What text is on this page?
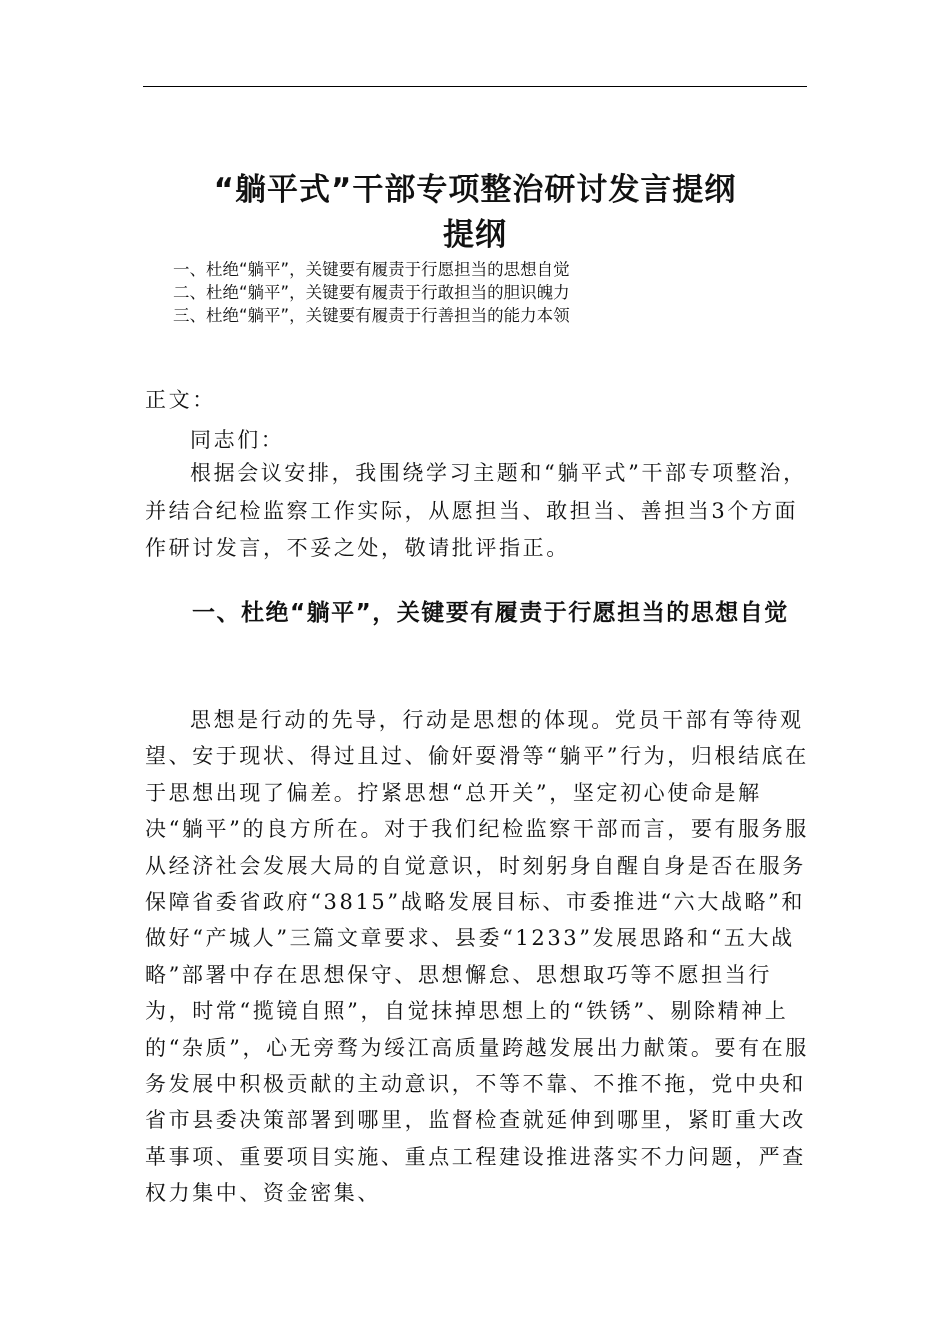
“躺平式”干部专项整治研讨发言提纲
提纲
一、杜绝“躺平”，关键要有履责于行愿担当的思想自觉
二、杜绝“躺平”，关键要有履责于行敢担当的胆识魄力
三、杜绝“躺平”，关键要有履责于行善担当的能力本领

正文：

同志们：

根据会议安排，我围绕学习主题和“躺平式”干部专项整治，并结合纪检监察工作实际，从愿担当、敢担当、善担当3个方面作研讨发言，不妥之处，敬请批评指正。

一、杜绝“躺平”，关键要有履责于行愿担当的思想自觉

思想是行动的先导，行动是思想的体现。党员干部有等待观望、安于现状、得过且过、偷奸耍滑等“躺平”行为，归根结底在于思想出现了偏差。拧紧思想“总开关”，坚定初心使命是解决“躺平”的良方所在。对于我们纪检监察干部而言，要有服务服从经济社会发展大局的自觉意识，时刻躬身自醒自身是否在服务保障省委省政府“3815”战略发展目标、市委推进“六大战略”和做好“产城人”三篇文章要求、县委“1233”发展思路和“五大战略”部署中存在思想保守、思想懈怠、思想取巧等不愿担当行为，时常“揽镜自照”，自觉抹掉思想上的“铁锈”、剔除精神上的“杂质”，心无旁骛为绥江高质量跨越发展出力献策。要有在服务发展中积极贡献的主动意识，不等不靠、不推不拖，党中央和省市县委决策部署到哪里，监督检查就延伸到哪里，紧盯重大改革事项、重要项目实施、重点工程建设推进落实不力问题，严查权力集中、资金密集、
